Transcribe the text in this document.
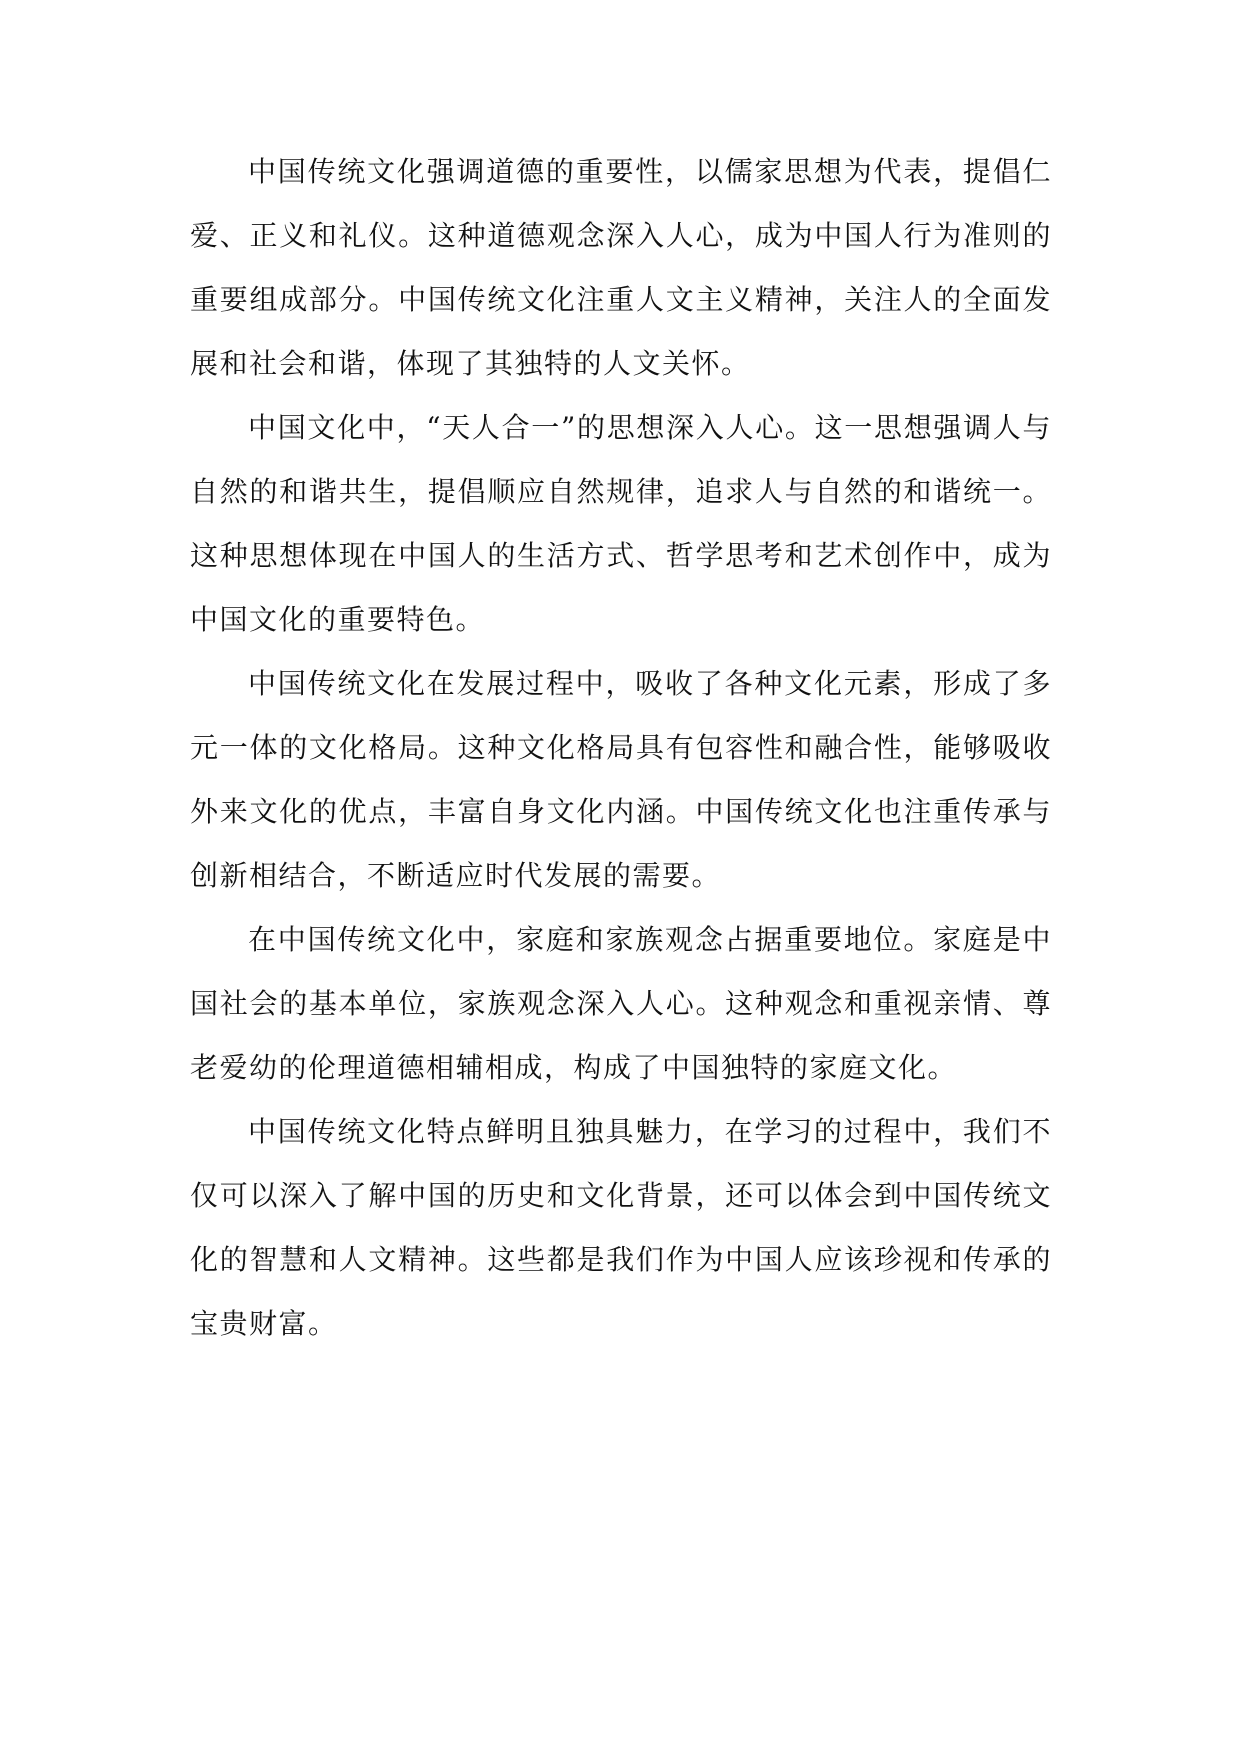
中国传统文化强调道德的重要性，以儒家思想为代表，提倡仁爱、正义和礼仪。这种道德观念深入人心，成为中国人行为准则的重要组成部分。中国传统文化注重人文主义精神，关注人的全面发展和社会和谐，体现了其独特的人文关怀。

中国文化中，“天人合一”的思想深入人心。这一思想强调人与自然的和谐共生，提倡顺应自然规律，追求人与自然的和谐统一。这种思想体现在中国人的生活方式、哲学思考和艺术创作中，成为中国文化的重要特色。

中国传统文化在发展过程中，吸收了各种文化元素，形成了多元一体的文化格局。这种文化格局具有包容性和融合性，能够吸收外来文化的优点，丰富自身文化内涵。中国传统文化也注重传承与创新相结合，不断适应时代发展的需要。

在中国传统文化中，家庭和家族观念占据重要地位。家庭是中国社会的基本单位，家族观念深入人心。这种观念和重视亲情、尊老爱幼的伦理道德相辅相成，构成了中国独特的家庭文化。

中国传统文化特点鲜明且独具魅力，在学习的过程中，我们不仅可以深入了解中国的历史和文化背景，还可以体会到中国传统文化的智慧和人文精神。这些都是我们作为中国人应该珍视和传承的宝贵财富。
